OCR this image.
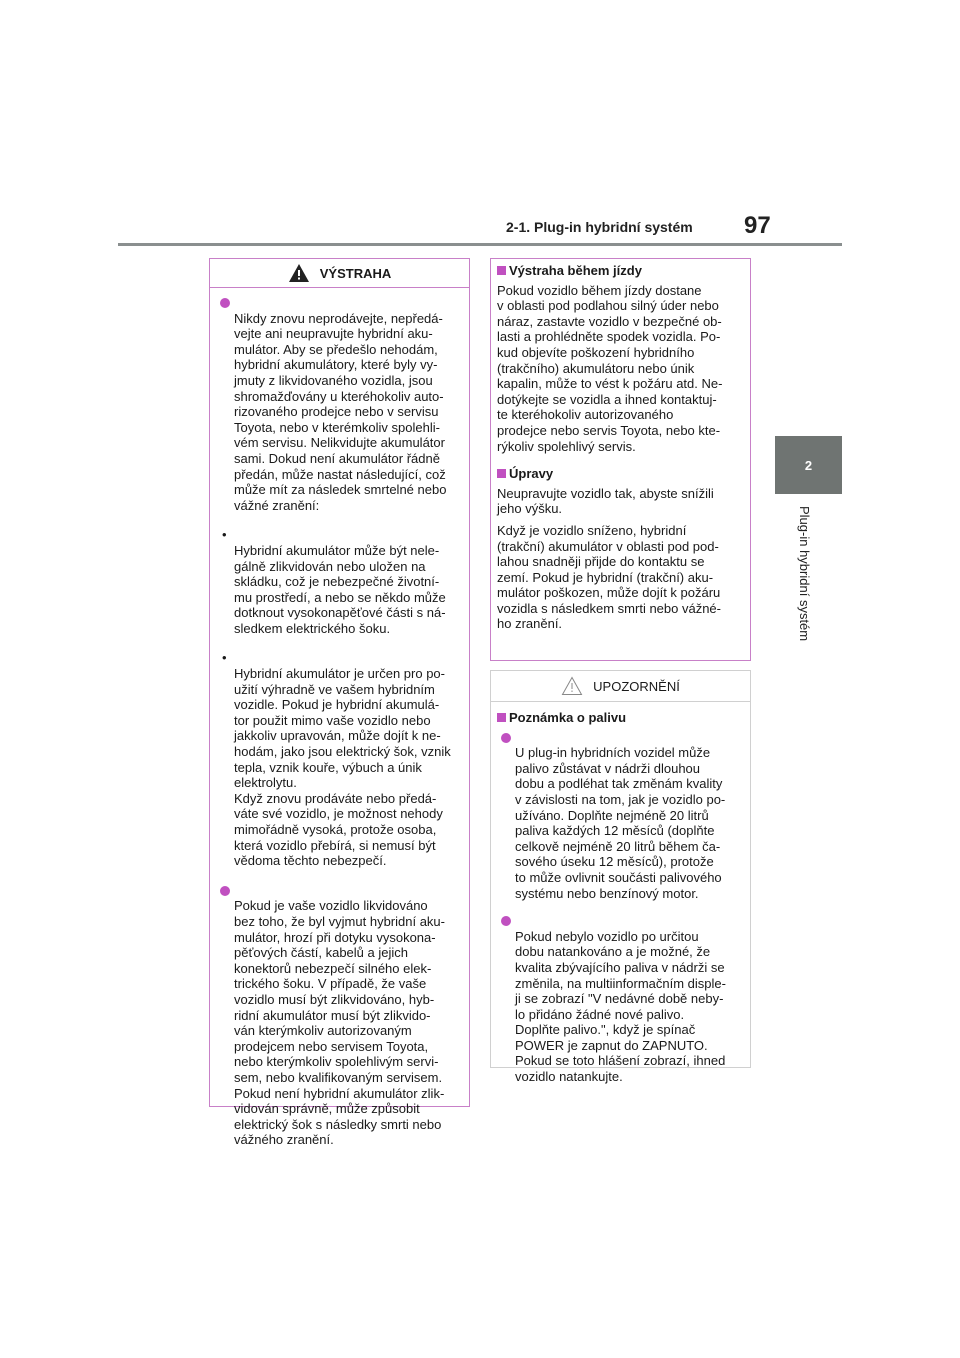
2-1. Plug-in hybridní systém 97
2
Plug-in hybridní systém
VÝSTRAHA

Nikdy znovu neprodávejte, nepředá-
vejte ani neupravujte hybridní aku-
mulátor. Aby se předešlo nehodám,
hybridní akumulátory, které byly vy-
jmuty z likvidovaného vozidla, jsou
shromažďovány u kteréhokoliv auto-
rizovaného prodejce nebo v servisu
Toyota, nebo v kterémkoliv spolehli-
vém servisu. Nelikvidujte akumulátor
sami. Dokud není akumulátor řádně
předán, může nastat následující, což
může mít za následek smrtelné nebo
vážné zranění:

•
Hybridní akumulátor může být nele-
gálně zlikvidován nebo uložen na
skládku, což je nebezpečné životní-
mu prostředí, a nebo se někdo může
dotknout vysokonapěťové části s ná-
sledkem elektrického šoku.

•
Hybridní akumulátor je určen pro po-
užití výhradně ve vašem hybridním
vozidle. Pokud je hybridní akumulá-
tor použit mimo vaše vozidlo nebo
jakkoliv upravován, může dojít k ne-
hodám, jako jsou elektrický šok, vznik
tepla, vznik kouře, výbuch a únik
elektrolytu.
Když znovu prodáváte nebo předá-
váte své vozidlo, je možnost nehody
mimořádně vysoká, protože osoba,
která vozidlo přebírá, si nemusí být
vědoma těchto nebezpečí.

Pokud je vaše vozidlo likvidováno
bez toho, že byl vyjmut hybridní aku-
mulátor, hrozí při dotyku vysokona-
pěťových částí, kabelů a jejich
konektorů nebezpečí silného elek-
trického šoku. V případě, že vaše
vozidlo musí být zlikvidováno, hyb-
ridní akumulátor musí být zlikvido-
ván kterýmkoliv autorizovaným
prodejcem nebo servisem Toyota,
nebo kterýmkoliv spolehlivým servi-
sem, nebo kvalifikovaným servisem.
Pokud není hybridní akumulátor zlik-
vidován správně, může způsobit
elektrický šok s následky smrti nebo
vážného zranění.

Výstraha během jízdy
Pokud vozidlo během jízdy dostane
v oblasti pod podlahou silný úder nebo
náraz, zastavte vozidlo v bezpečné ob-
lasti a prohlédněte spodek vozidla. Po-
kud objevíte poškození hybridního
(trakčního) akumulátoru nebo únik
kapalin, může to vést k požáru atd. Ne-
dotýkejte se vozidla a ihned kontaktuj-
te kteréhokoliv autorizovaného
prodejce nebo servis Toyota, nebo kte-
rýkoliv spolehlivý servis.
Úpravy
Neupravujte vozidlo tak, abyste snížili
jeho výšku.
Když je vozidlo sníženo, hybridní
(trakční) akumulátor v oblasti pod pod-
lahou snadněji přijde do kontaktu se
zemí. Pokud je hybridní (trakční) aku-
mulátor poškozen, může dojít k požáru
vozidla s následkem smrti nebo vážné-
ho zranění.
UPOZORNĚNÍ
Poznámka o palivu

U plug-in hybridních vozidel může
palivo zůstávat v nádrži dlouhou
dobu a podléhat tak změnám kvality
v závislosti na tom, jak je vozidlo po-
užíváno. Doplňte nejméně 20 litrů
paliva každých 12 měsíců (doplňte
celkově nejméně 20 litrů během ča-
sového úseku 12 měsíců), protože
to může ovlivnit součásti palivového
systému nebo benzínový motor.

Pokud nebylo vozidlo po určitou
dobu natankováno a je možné, že
kvalita zbývajícího paliva v nádrži se
změnila, na multiinformačním disple-
ji se zobrazí "V nedávné době neby-
lo přidáno žádné nové palivo.
Doplňte palivo.", když je spínač
POWER je zapnut do ZAPNUTO.
Pokud se toto hlášení zobrazí, ihned
vozidlo natankujte.
